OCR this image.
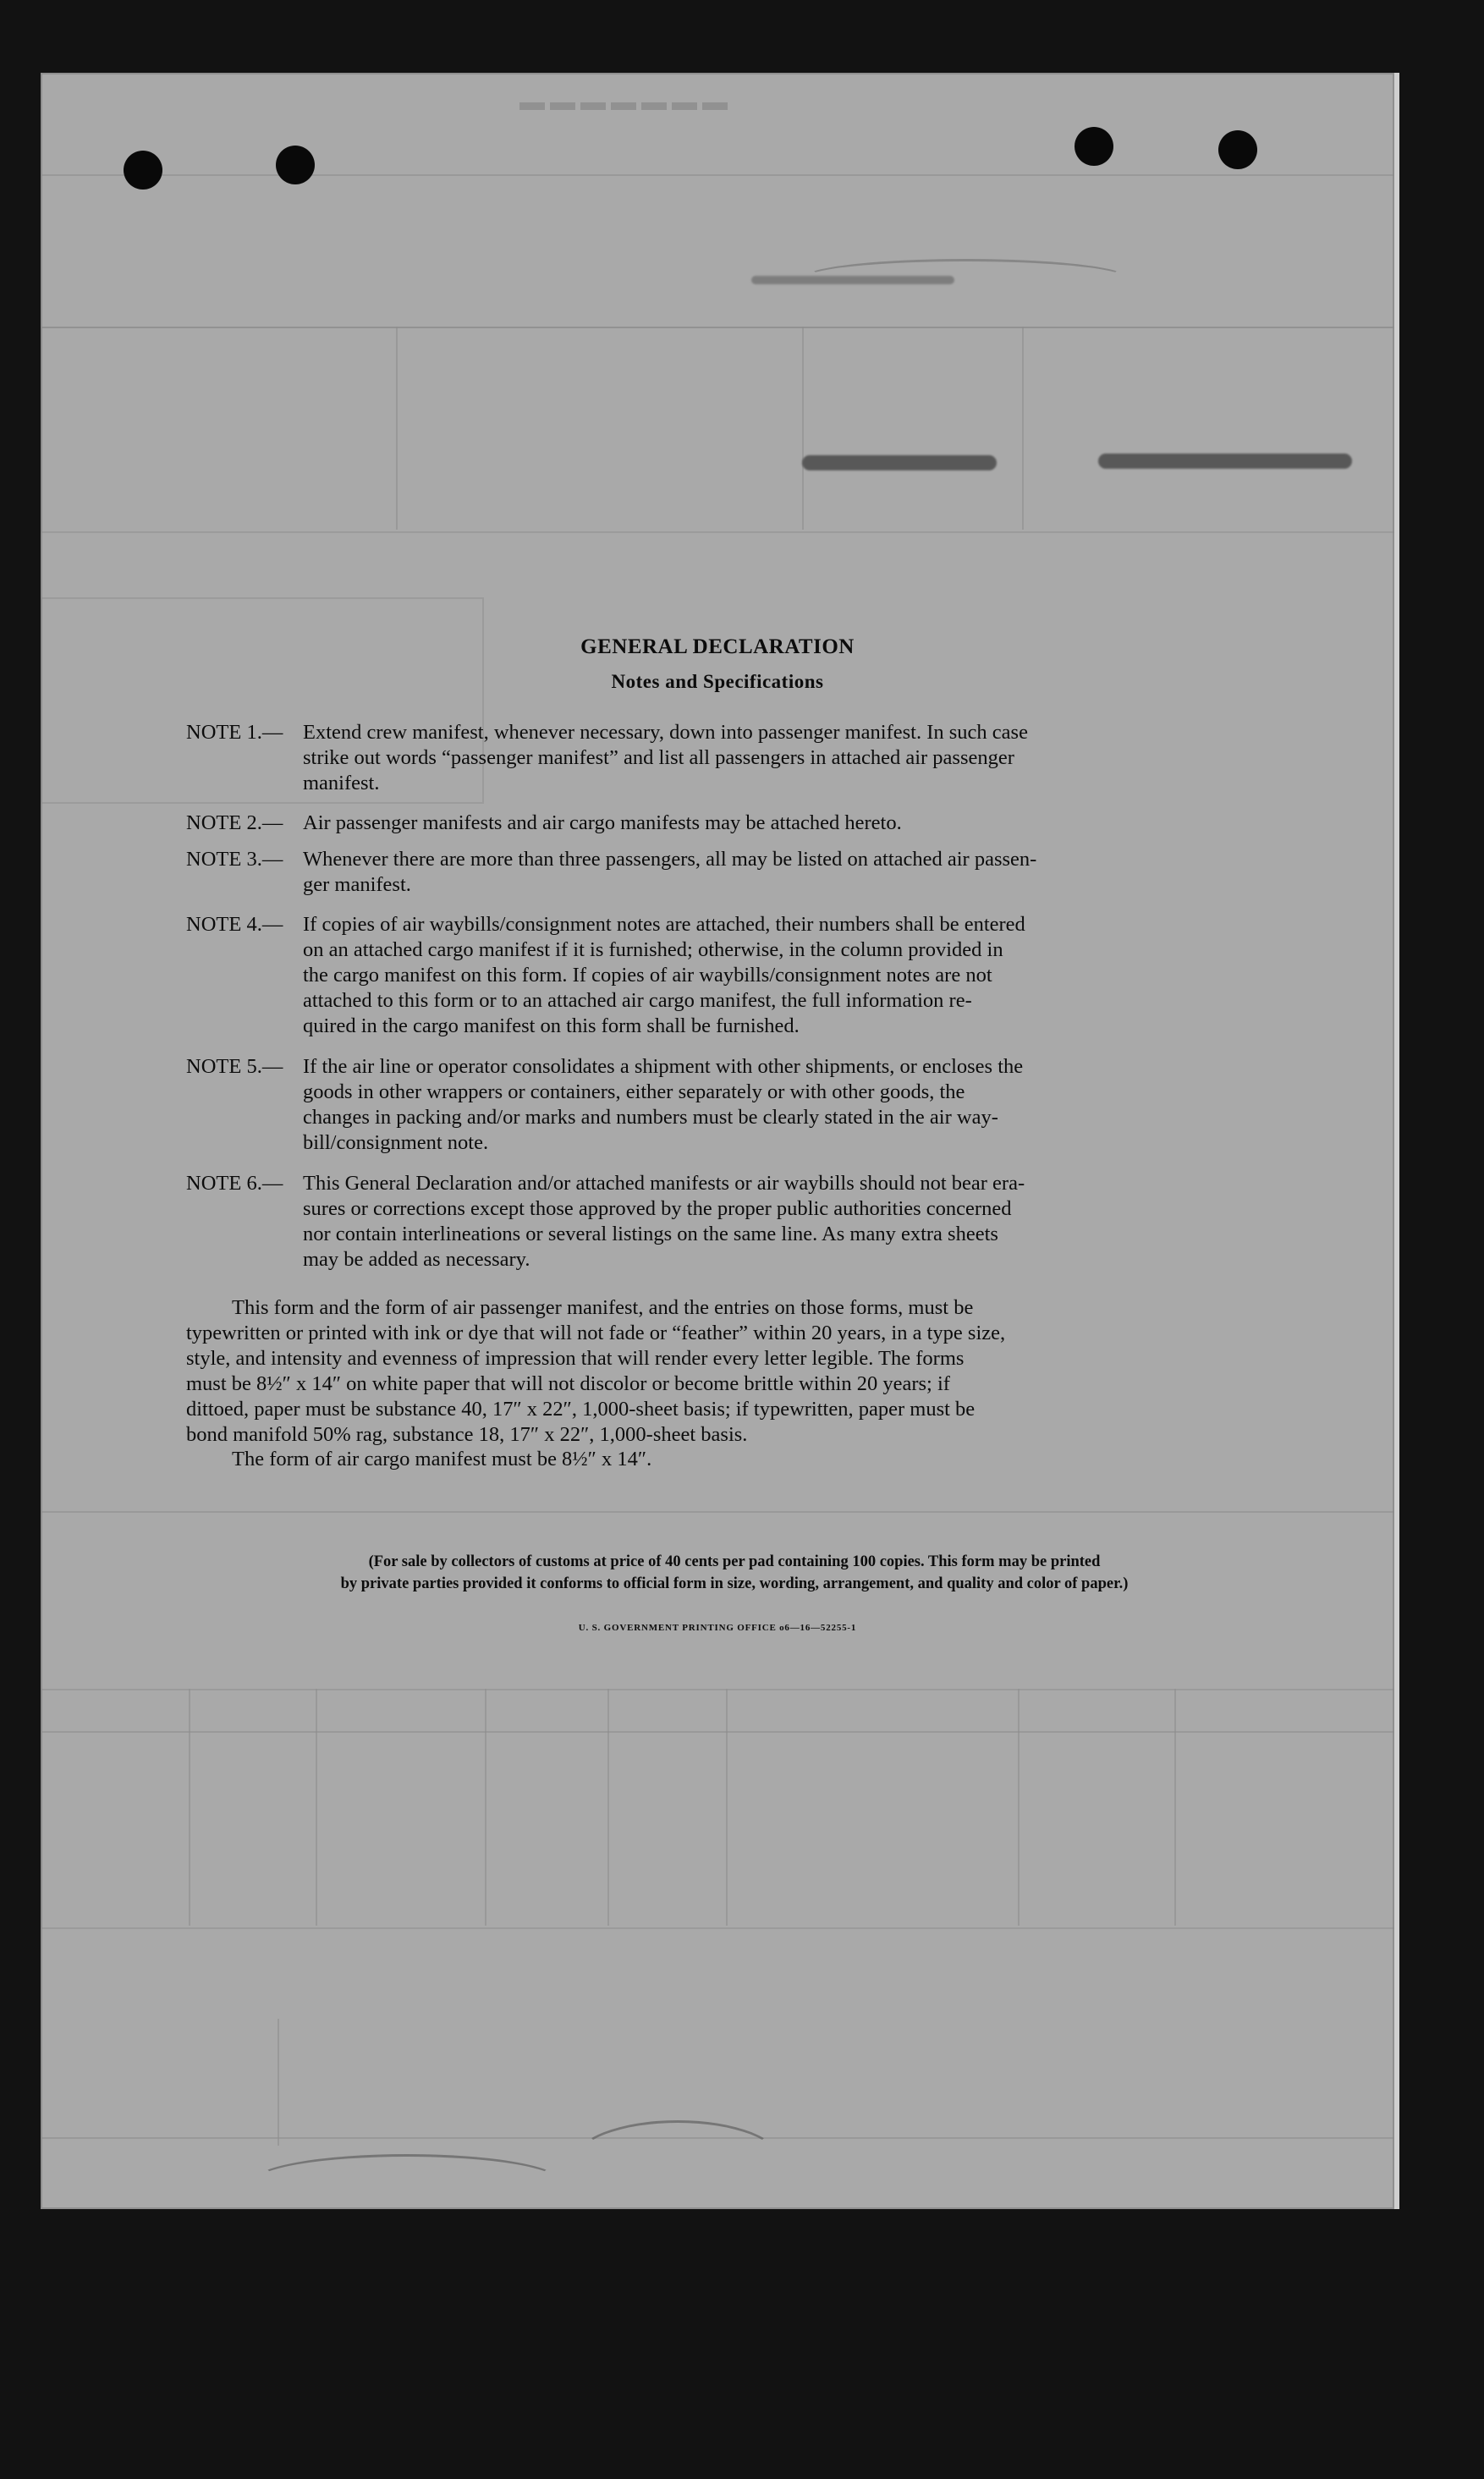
▬▬▬▬▬▬▬
GENERAL DECLARATION
Notes and Specifications
NOTE 1.— Extend crew manifest, whenever necessary, down into passenger manifest. In such case

strike out words “passenger manifest” and list all passengers in attached air passenger

manifest.

NOTE 2.— Air passenger manifests and air cargo manifests may be attached hereto.

NOTE 3.— Whenever there are more than three passengers, all may be listed on attached air passen-

ger manifest.

NOTE 4.— If copies of air waybills/consignment notes are attached, their numbers shall be entered

on an attached cargo manifest if it is furnished; otherwise, in the column provided in

the cargo manifest on this form. If copies of air waybills/consignment notes are not

attached to this form or to an attached air cargo manifest, the full information re-

quired in the cargo manifest on this form shall be furnished.

NOTE 5.— If the air line or operator consolidates a shipment with other shipments, or encloses the

goods in other wrappers or containers, either separately or with other goods, the

changes in packing and/or marks and numbers must be clearly stated in the air way-

bill/consignment note.

NOTE 6.— This General Declaration and/or attached manifests or air waybills should not bear era-

sures or corrections except those approved by the proper public authorities concerned

nor contain interlineations or several listings on the same line. As many extra sheets

may be added as necessary.

This form and the form of air passenger manifest, and the entries on those forms, must be
typewritten or printed with ink or dye that will not fade or “feather” within 20 years, in a type size,
style, and intensity and evenness of impression that will render every letter legible. The forms
must be 8½″ x 14″ on white paper that will not discolor or become brittle within 20 years; if
dittoed, paper must be substance 40, 17″ x 22″, 1,000-sheet basis; if typewritten, paper must be
bond manifold 50% rag, substance 18, 17″ x 22″, 1,000-sheet basis.
The form of air cargo manifest must be 8½″ x 14″.
(For sale by collectors of customs at price of 40 cents per pad containing 100 copies. This form may be printed
by private parties provided it conforms to official form in size, wording, arrangement, and quality and color of paper.)
U. S. GOVERNMENT PRINTING OFFICE o6—16—52255-1
